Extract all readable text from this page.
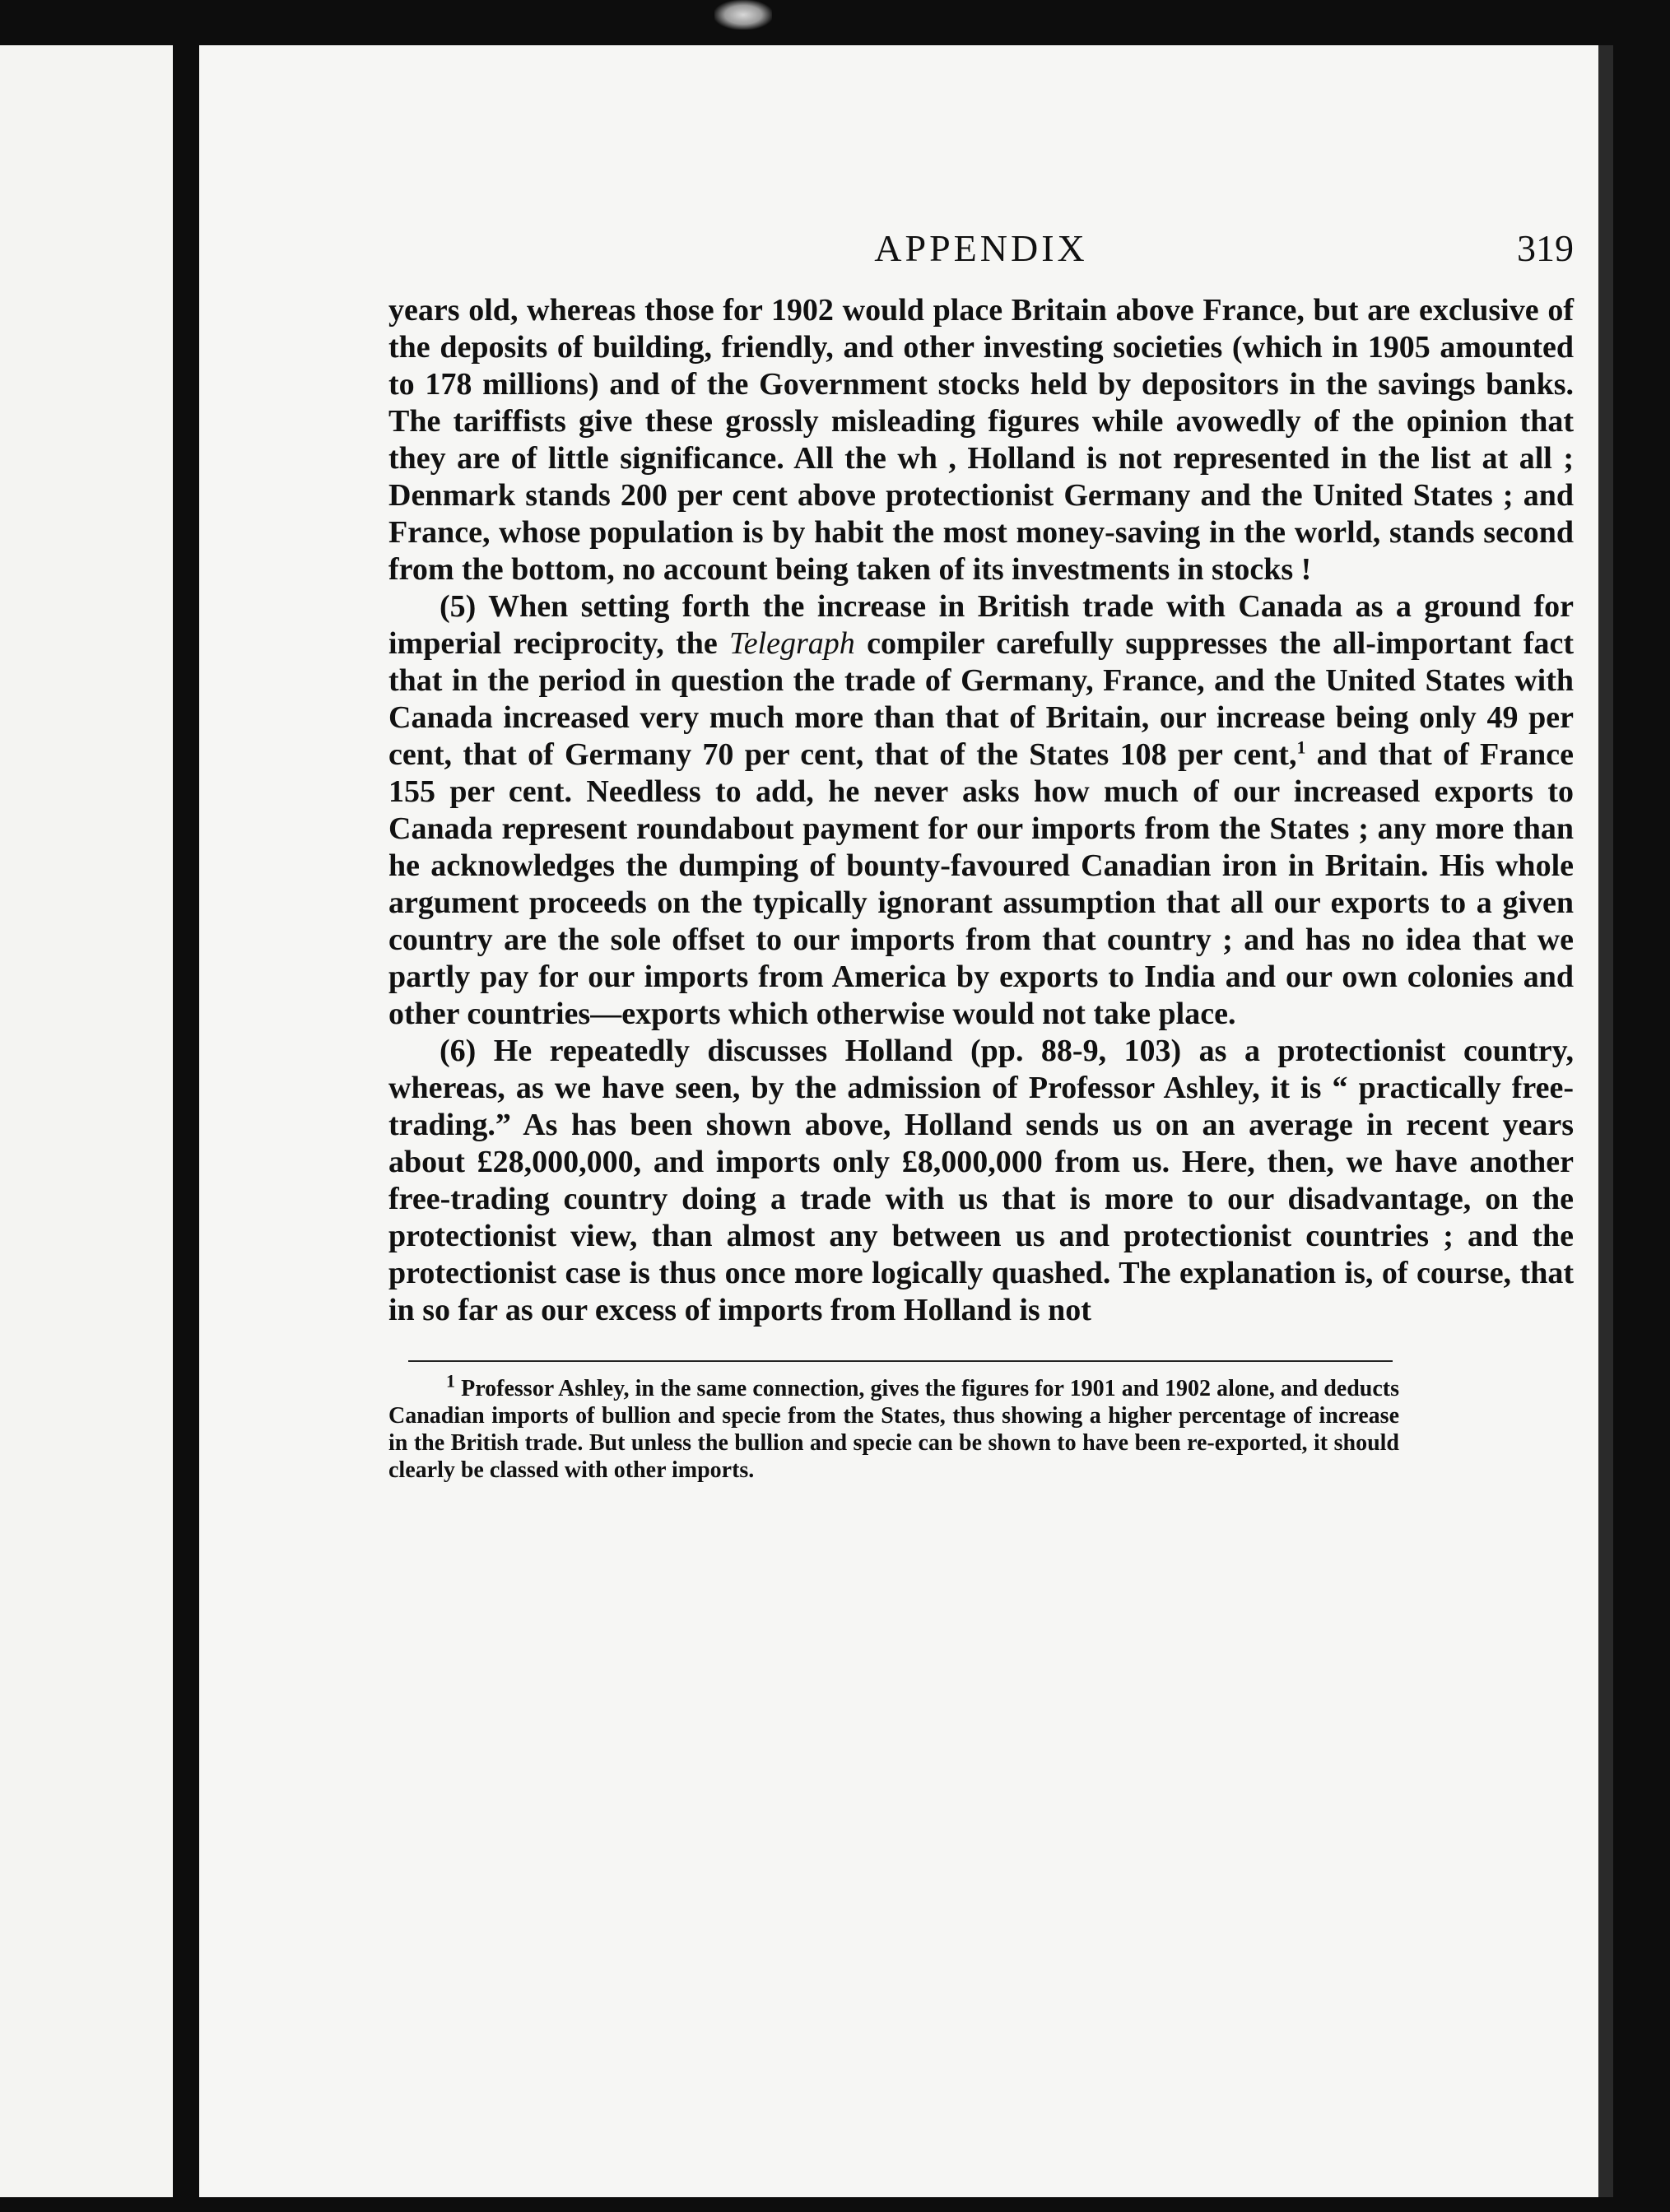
APPENDIX	319

years old, whereas those for 1902 would place Britain above France, but are exclusive of the deposits of building, friendly, and other investing societies (which in 1905 amounted to 178 millions) and of the Government stocks held by depositors in the savings banks. The tariffists give these grossly misleading figures while avowedly of the opinion that they are of little significance. All the wh , Holland is not represented in the list at all ; Denmark stands 200 per cent above protectionist Germany and the United States ; and France, whose population is by habit the most money-saving in the world, stands second from the bottom, no account being taken of its investments in stocks !

(5) When setting forth the increase in British trade with Canada as a ground for imperial reciprocity, the Telegraph compiler carefully suppresses the all-important fact that in the period in question the trade of Germany, France, and the United States with Canada increased very much more than that of Britain, our increase being only 49 per cent, that of Germany 70 per cent, that of the States 108 per cent,$^1$ and that of France 155 per cent. Needless to add, he never asks how much of our increased exports to Canada represent roundabout payment for our imports from the States ; any more than he acknowledges the dumping of bounty-favoured Canadian iron in Britain. His whole argument proceeds on the typically ignorant assumption that all our exports to a given country are the sole offset to our imports from that country ; and has no idea that we partly pay for our imports from America by exports to India and our own colonies and other countries—exports which otherwise would not take place.

(6) He repeatedly discusses Holland (pp. 88-9, 103) as a protectionist country, whereas, as we have seen, by the admission of Professor Ashley, it is “ practically free-trading.” As has been shown above, Holland sends us on an average in recent years about £28,000,000, and imports only £8,000,000 from us. Here, then, we have another free-trading country doing a trade with us that is more to our disadvantage, on the protectionist view, than almost any between us and protectionist countries ; and the protectionist case is thus once more logically quashed. The explanation is, of course, that in so far as our excess of imports from Holland is not

$^1$ Professor Ashley, in the same connection, gives the figures for 1901 and 1902 alone, and deducts Canadian imports of bullion and specie from the States, thus showing a higher percentage of increase in the British trade. But unless the bullion and specie can be shown to have been re-exported, it should clearly be classed with other imports.
